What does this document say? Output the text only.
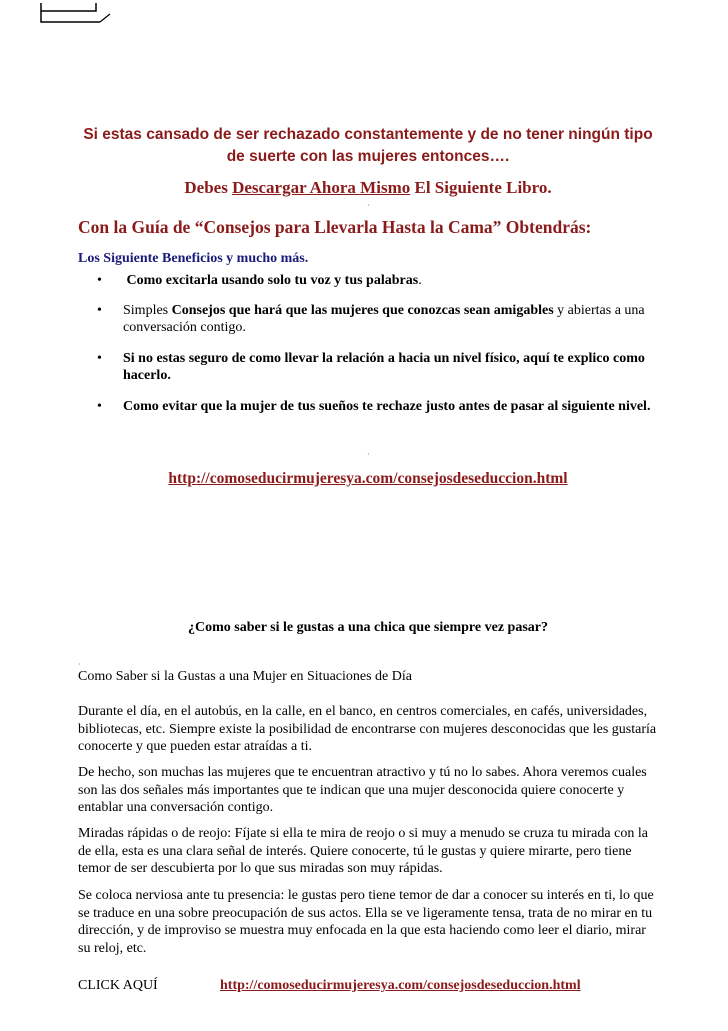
Si estas cansado de ser rechazado constantemente y de no tener ningún tipo de suerte con las mujeres entonces….
Debes Descargar Ahora Mismo El Siguiente Libro.
·
Con la Guía de “Consejos para Llevarla Hasta la Cama” Obtendrás:
Los Siguiente Beneficios y mucho más.
• Como excitarla usando solo tu voz y tus palabras.
• Simples Consejos que hará que las mujeres que conozcas sean amigables y abiertas a una conversación contigo.
• Si no estas seguro de como llevar la relación a hacia un nivel físico, aquí te explico como hacerlo.
• Como evitar que la mujer de tus sueños te rechaze justo antes de pasar al siguiente nivel.
·
http://comoseducirmujeresya.com/consejosdeseduccion.html
¿Como saber si le gustas a una chica que siempre vez pasar?
·
Como Saber si la Gustas a una Mujer en Situaciones de Día
Durante el día, en el autobús, en la calle, en el banco, en centros comerciales, en cafés, universidades, bibliotecas, etc. Siempre existe la posibilidad de encontrarse con mujeres desconocidas que les gustaría conocerte y que pueden estar atraídas a ti.
De hecho, son muchas las mujeres que te encuentran atractivo y tú no lo sabes. Ahora veremos cuales son las dos señales más importantes que te indican que una mujer desconocida quiere conocerte y entablar una conversación contigo.
Miradas rápidas o de reojo: Fíjate si ella te mira de reojo o si muy a menudo se cruza tu mirada con la de ella, esta es una clara señal de interés. Quiere conocerte, tú le gustas y quiere mirarte, pero tiene temor de ser descubierta por lo que sus miradas son muy rápidas.
Se coloca nerviosa ante tu presencia: le gustas pero tiene temor de dar a conocer su interés en ti, lo que se traduce en una sobre preocupación de sus actos. Ella se ve ligeramente tensa, trata de no mirar en tu dirección, y de improviso se muestra muy enfocada en la que esta haciendo como leer el diario, mirar su reloj, etc.
CLICK AQUÍ	http://comoseducirmujeresya.com/consejosdeseduccion.html
